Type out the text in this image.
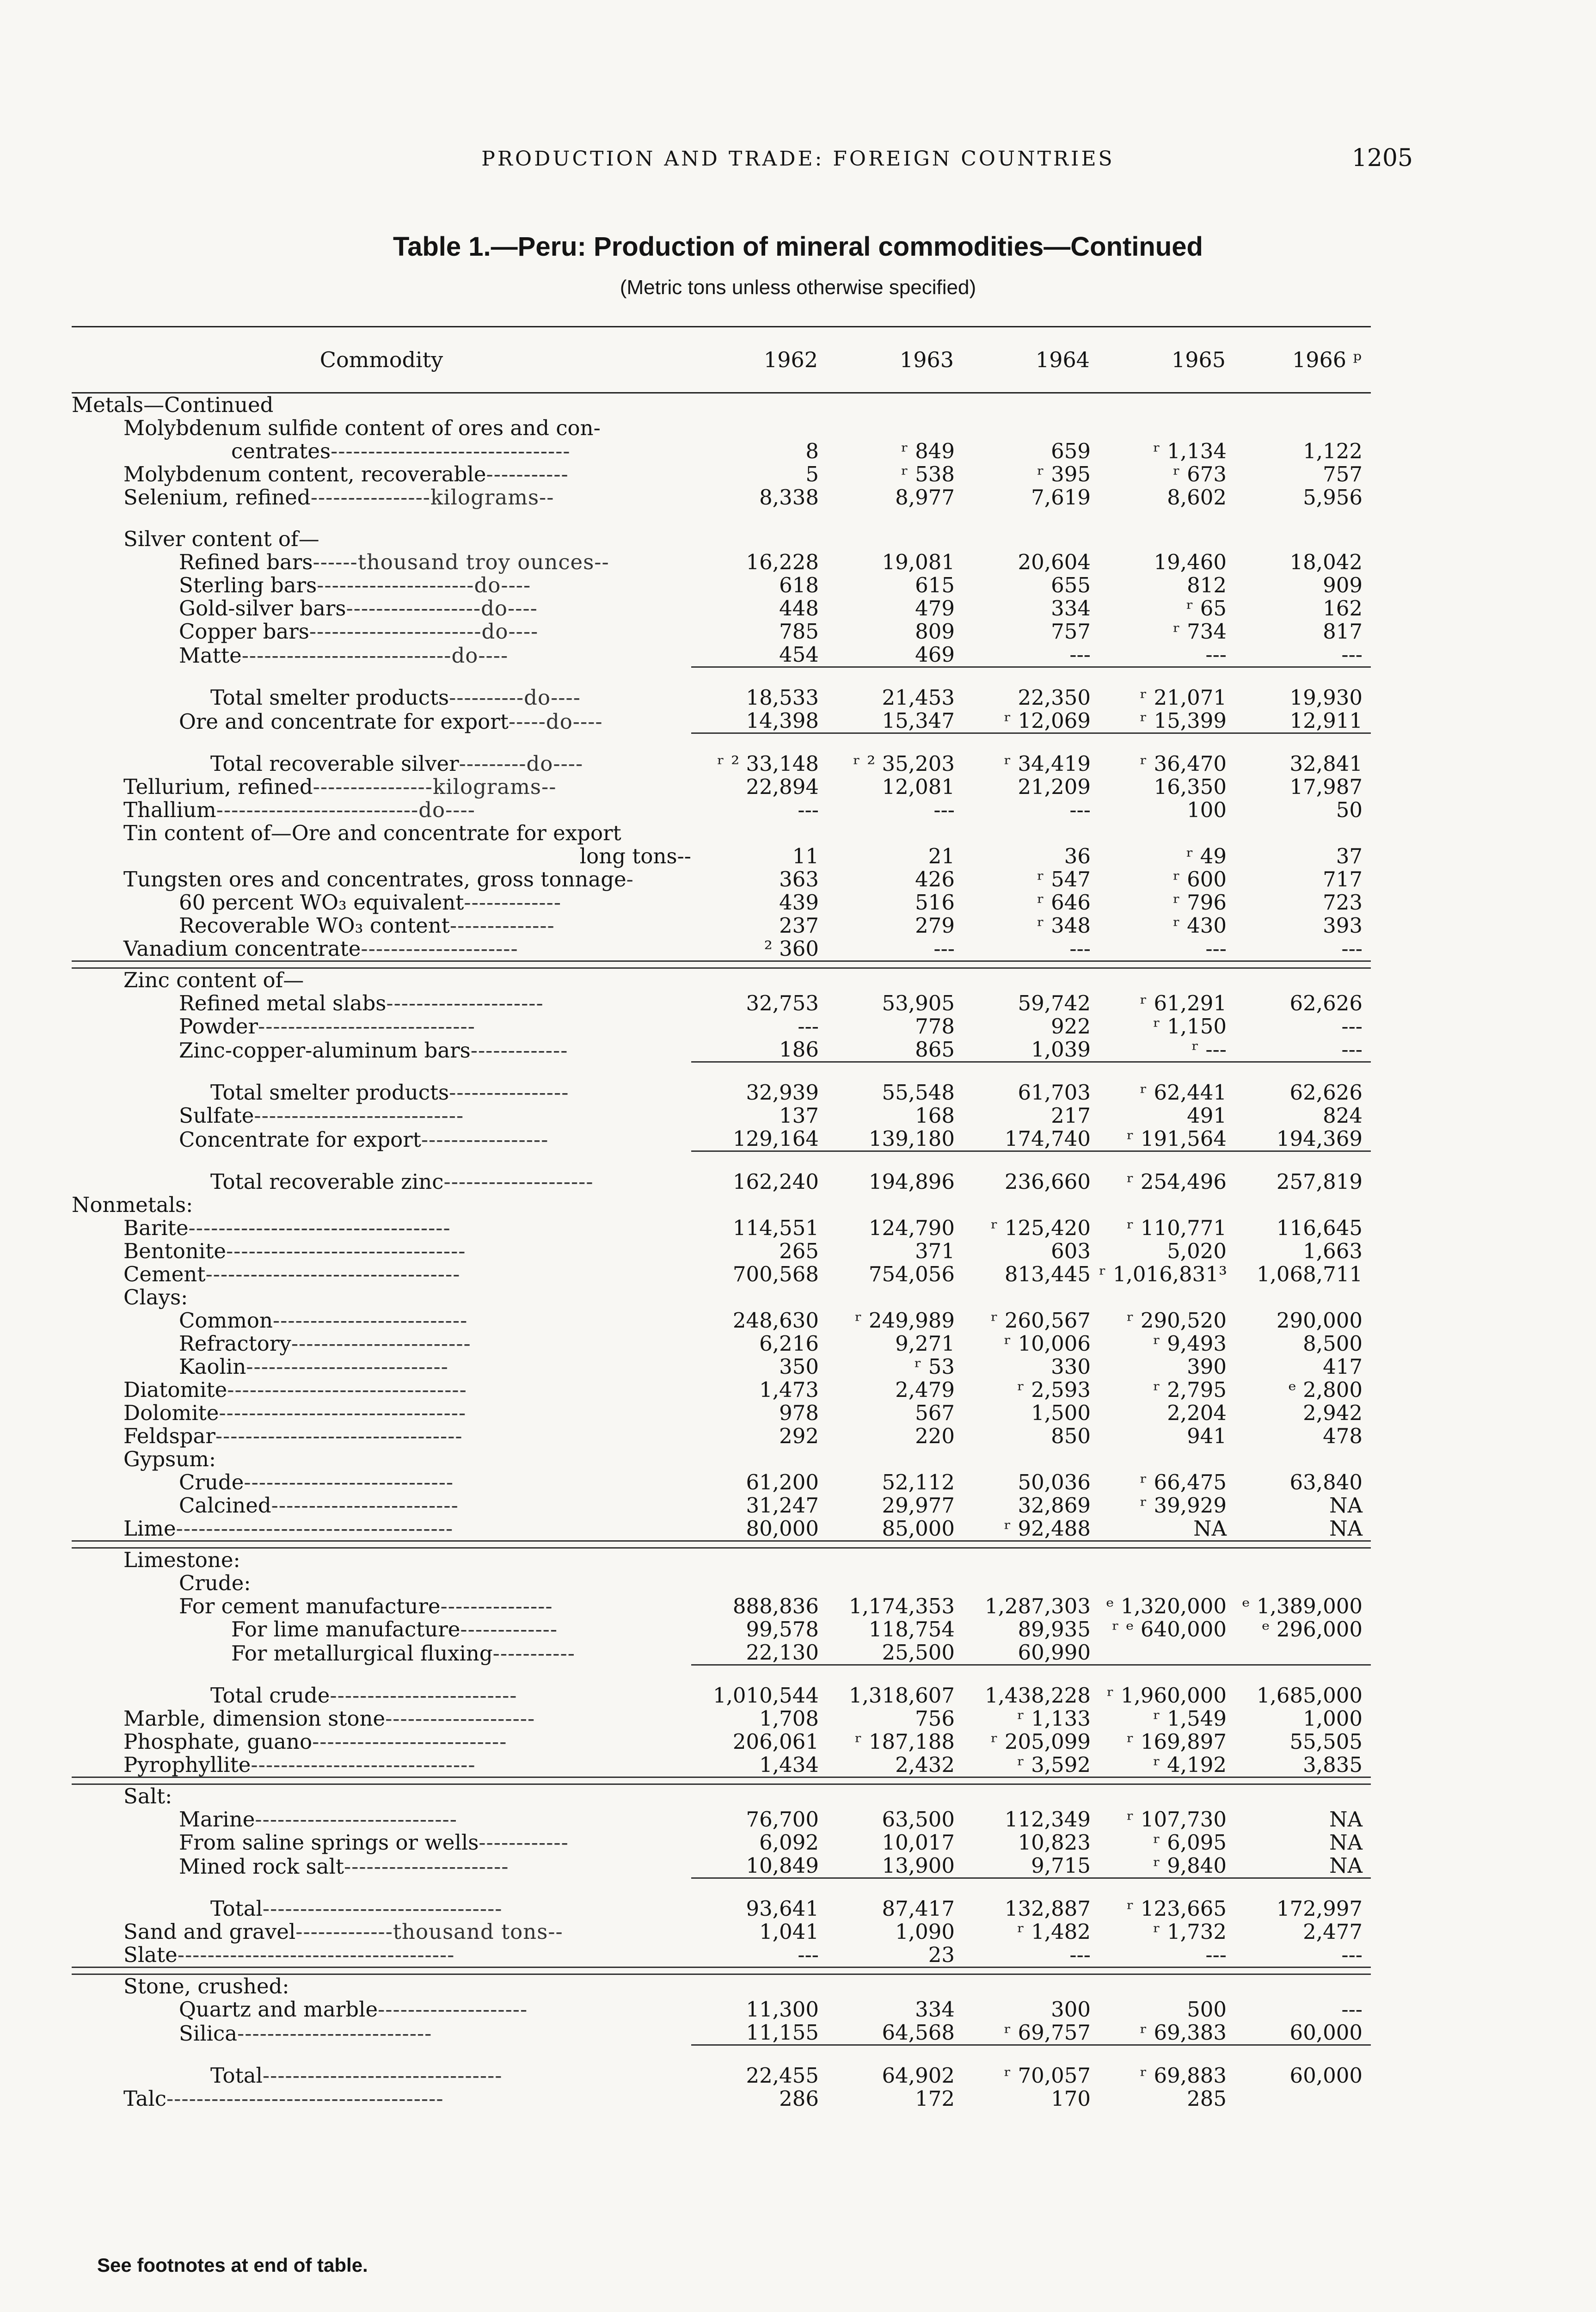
PRODUCTION AND TRADE: FOREIGN COUNTRIES	1205
Table 1.—Peru: Production of mineral commodities—Continued
(Metric tons unless otherwise specified)
Commodity	1962	1963	1964	1965	1966 ᵖ
Metals—Continued					
Molybdenum sulfide content of ores and con-					
centrates--------------------------------	8	ʳ 849	659	ʳ 1,134	1,122
Molybdenum content, recoverable-----------	5	ʳ 538	ʳ 395	ʳ 673	757
Selenium, refined----------------kilograms--	8,338	8,977	7,619	8,602	5,956

Silver content of—					
Refined bars------thousand troy ounces--	16,228	19,081	20,604	19,460	18,042
Sterling bars---------------------do----	618	615	655	812	909
Gold-silver bars------------------do----	448	479	334	ʳ 65	162
Copper bars-----------------------do----	785	809	757	ʳ 734	817
Matte----------------------------do----	454	469	---	---	---

Total smelter products----------do----	18,533	21,453	22,350	ʳ 21,071	19,930
Ore and concentrate for export-----do----	14,398	15,347	ʳ 12,069	ʳ 15,399	12,911

Total recoverable silver---------do----	ʳ ² 33,148	ʳ ² 35,203	ʳ 34,419	ʳ 36,470	32,841
Tellurium, refined----------------kilograms--	22,894	12,081	21,209	16,350	17,987
Thallium---------------------------do----	---	---	---	100	50
Tin content of—Ore and concentrate for export					
long tons--	11	21	36	ʳ 49	37
Tungsten ores and concentrates, gross tonnage-	363	426	ʳ 547	ʳ 600	717
60 percent WO₃ equivalent-------------	439	516	ʳ 646	ʳ 796	723
Recoverable WO₃ content--------------	237	279	ʳ 348	ʳ 430	393
Vanadium concentrate---------------------	² 360	---	---	---	---

Zinc content of—					
Refined metal slabs---------------------	32,753	53,905	59,742	ʳ 61,291	62,626
Powder-----------------------------	---	778	922	ʳ 1,150	---
Zinc-copper-aluminum bars-------------	186	865	1,039	ʳ ---	---

Total smelter products----------------	32,939	55,548	61,703	ʳ 62,441	62,626
Sulfate----------------------------	137	168	217	491	824
Concentrate for export-----------------	129,164	139,180	174,740	ʳ 191,564	194,369

Total recoverable zinc--------------------	162,240	194,896	236,660	ʳ 254,496	257,819
Nonmetals:					
Barite-----------------------------------	114,551	124,790	ʳ 125,420	ʳ 110,771	116,645
Bentonite--------------------------------	265	371	603	5,020	1,663
Cement----------------------------------	700,568	754,056	813,445	ʳ 1,016,831³	1,068,711
Clays:					
Common--------------------------	248,630	ʳ 249,989	ʳ 260,567	ʳ 290,520	290,000
Refractory------------------------	6,216	9,271	ʳ 10,006	ʳ 9,493	8,500
Kaolin---------------------------	350	ʳ 53	330	390	417
Diatomite--------------------------------	1,473	2,479	ʳ 2,593	ʳ 2,795	ᵉ 2,800
Dolomite---------------------------------	978	567	1,500	2,204	2,942
Feldspar---------------------------------	292	220	850	941	478
Gypsum:					
Crude----------------------------	61,200	52,112	50,036	ʳ 66,475	63,840
Calcined-------------------------	31,247	29,977	32,869	ʳ 39,929	NA
Lime-------------------------------------	80,000	85,000	ʳ 92,488	NA	NA

Limestone:					
Crude:					
For cement manufacture---------------	888,836	1,174,353	1,287,303	ᵉ 1,320,000	ᵉ 1,389,000
For lime manufacture-------------	99,578	118,754	89,935	ʳ ᵉ 640,000	ᵉ 296,000
For metallurgical fluxing-----------	22,130	25,500	60,990		

Total crude-------------------------	1,010,544	1,318,607	1,438,228	ʳ 1,960,000	1,685,000
Marble, dimension stone--------------------	1,708	756	ʳ 1,133	ʳ 1,549	1,000
Phosphate, guano--------------------------	206,061	ʳ 187,188	ʳ 205,099	ʳ 169,897	55,505
Pyrophyllite------------------------------	1,434	2,432	ʳ 3,592	ʳ 4,192	3,835

Salt:					
Marine---------------------------	76,700	63,500	112,349	ʳ 107,730	NA
From saline springs or wells------------	6,092	10,017	10,823	ʳ 6,095	NA
Mined rock salt----------------------	10,849	13,900	9,715	ʳ 9,840	NA

Total--------------------------------	93,641	87,417	132,887	ʳ 123,665	172,997
Sand and gravel-------------thousand tons--	1,041	1,090	ʳ 1,482	ʳ 1,732	2,477
Slate-------------------------------------	---	23	---	---	---

Stone, crushed:					
Quartz and marble--------------------	11,300	334	300	500	---
Silica--------------------------	11,155	64,568	ʳ 69,757	ʳ 69,383	60,000

Total--------------------------------	22,455	64,902	ʳ 70,057	ʳ 69,883	60,000
Talc-------------------------------------	286	172	170	285	
See footnotes at end of table.
